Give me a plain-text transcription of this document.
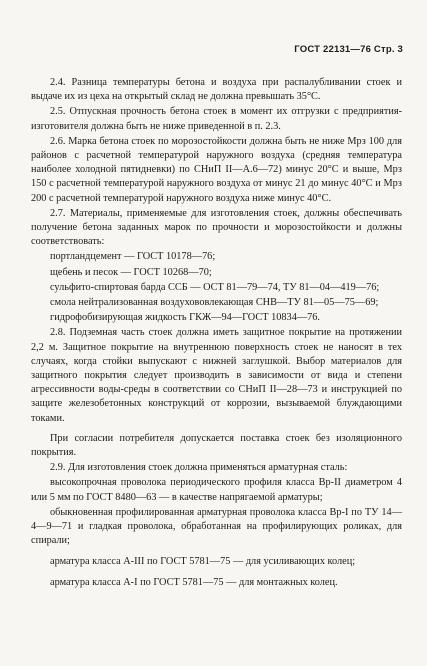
ГОСТ 22131—76 Стр. 3

2.4. Разница температуры бетона и воздуха при распалубливании стоек и выдаче их из цеха на открытый склад не должна превышать 35°С.

2.5. Отпускная прочность бетона стоек в момент их отгрузки с предприятия-изготовителя должна быть не ниже приведенной в п. 2.3.

2.6. Марка бетона стоек по морозостойкости должна быть не ниже Мрз 100 для районов с расчетной температурой наружного воздуха (средняя температура наиболее холодной пятидневки) по СНиП II—А.6—72) минус 20°С и выше, Мрз 150 с расчетной температурой наружного воздуха от минус 21 до минус 40°С и Мрз 200 с расчетной температурой наружного воздуха ниже минус 40°С.

2.7. Материалы, применяемые для изготовления стоек, должны обеспечивать получение бетона заданных марок по прочности и морозостойкости и должны соответствовать:

портландцемент — ГОСТ 10178—76;

щебень и песок — ГОСТ 10268—70;

сульфито-спиртовая барда ССБ — ОСТ 81—79—74, ТУ 81—04—419—76;

смола нейтрализованная воздухововлекающая СНВ—ТУ 81—05—75—69;

гидрофобизирующая жидкость ГКЖ—94—ГОСТ 10834—76.

2.8. Подземная часть стоек должна иметь защитное покрытие на протяжении 2,2 м. Защитное покрытие на внутреннюю поверхность стоек не наносят в тех случаях, когда стойки выпускают с нижней заглушкой. Выбор материалов для защитного покрытия следует производить в зависимости от вида и степени агрессивности воды-среды в соответствии со СНиП II—28—73 и инструкцией по защите железобетонных конструкций от коррозии, вызываемой блуждающими токами.

При согласии потребителя допускается поставка стоек без изоляционного покрытия.

2.9. Для изготовления стоек должна применяться арматурная сталь:

высокопрочная проволока периодического профиля класса Вр-II диаметром 4 или 5 мм по ГОСТ 8480—63 — в качестве напрягаемой арматуры;

обыкновенная профилированная арматурная проволока класса Вр-I по ТУ 14—4—9—71 и гладкая проволока, обработанная на профилирующих роликах, для спирали;

арматура класса А-III по ГОСТ 5781—75 — для усиливающих колец;

арматура класса А-I по ГОСТ 5781—75 — для монтажных колец.
